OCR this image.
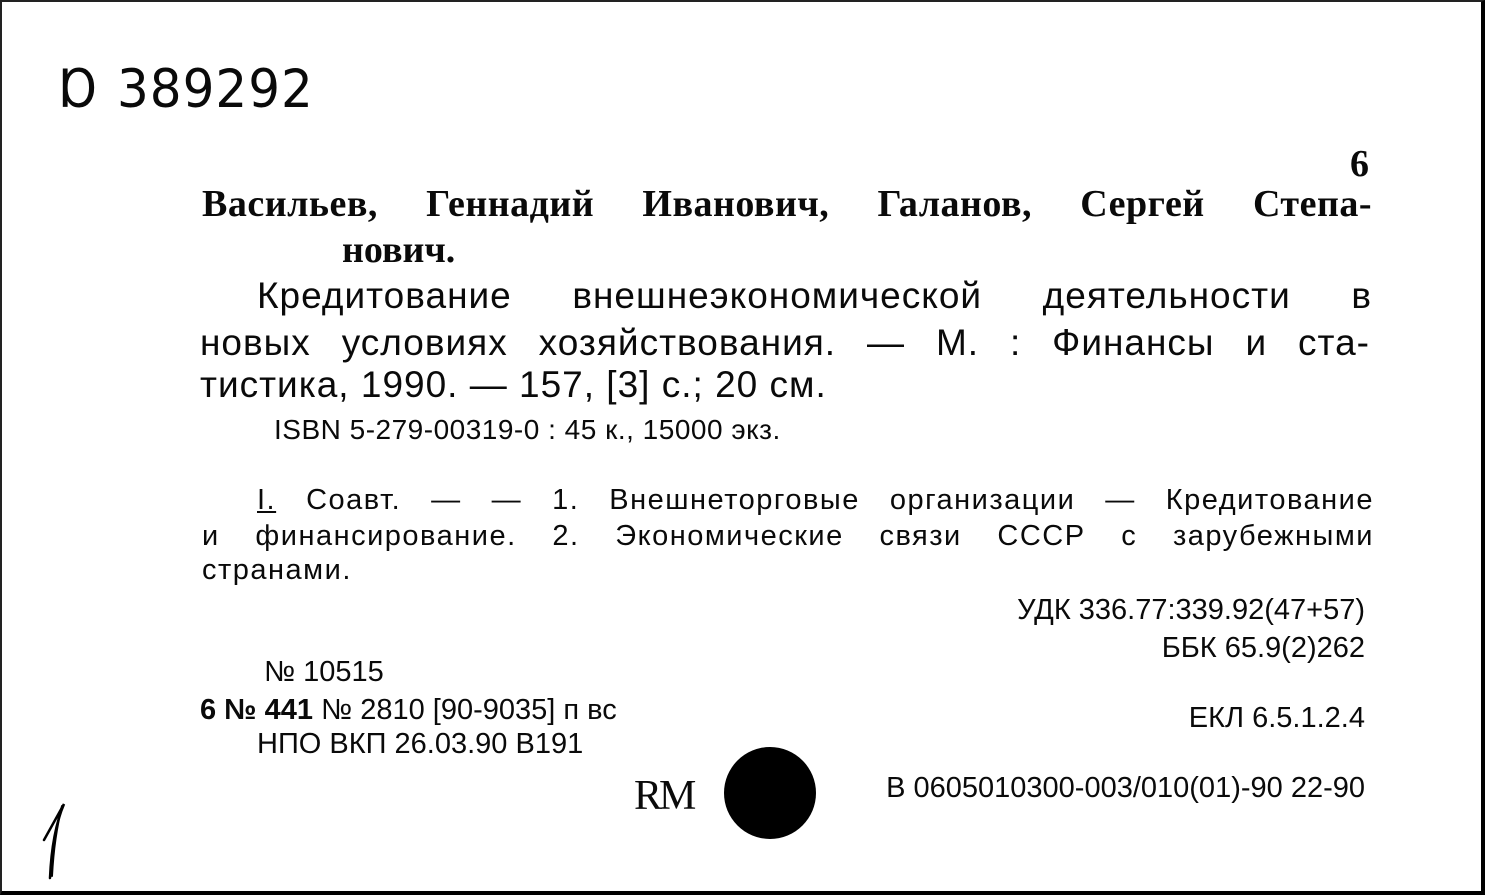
Ɒ 389292
6
Васильев, Геннадий Иванович, Галанов, Сергей Степа-
нович.
Кредитование внешнеэкономической деятельности в
новых условиях хозяйствования. — М. : Финансы и ста-
тистика, 1990. — 157, [3] с.; 20 см.
ISBN 5-279-00319-0 : 45 к., 15000 экз.
I. Соавт. — — 1. Внешнеторговые организации — Кредитование
и финансирование. 2. Экономические связи СССР с зарубежными
странами.
УДК 336.77:339.92(47+57)
ББК 65.9(2)262
№ 10515
6 № 441 № 2810 [90-9035] п вс	ЕКЛ 6.5.1.2.4
НПО ВКП 26.03.90 В191
RM	В 0605010300-003/010(01)-90 22-90
